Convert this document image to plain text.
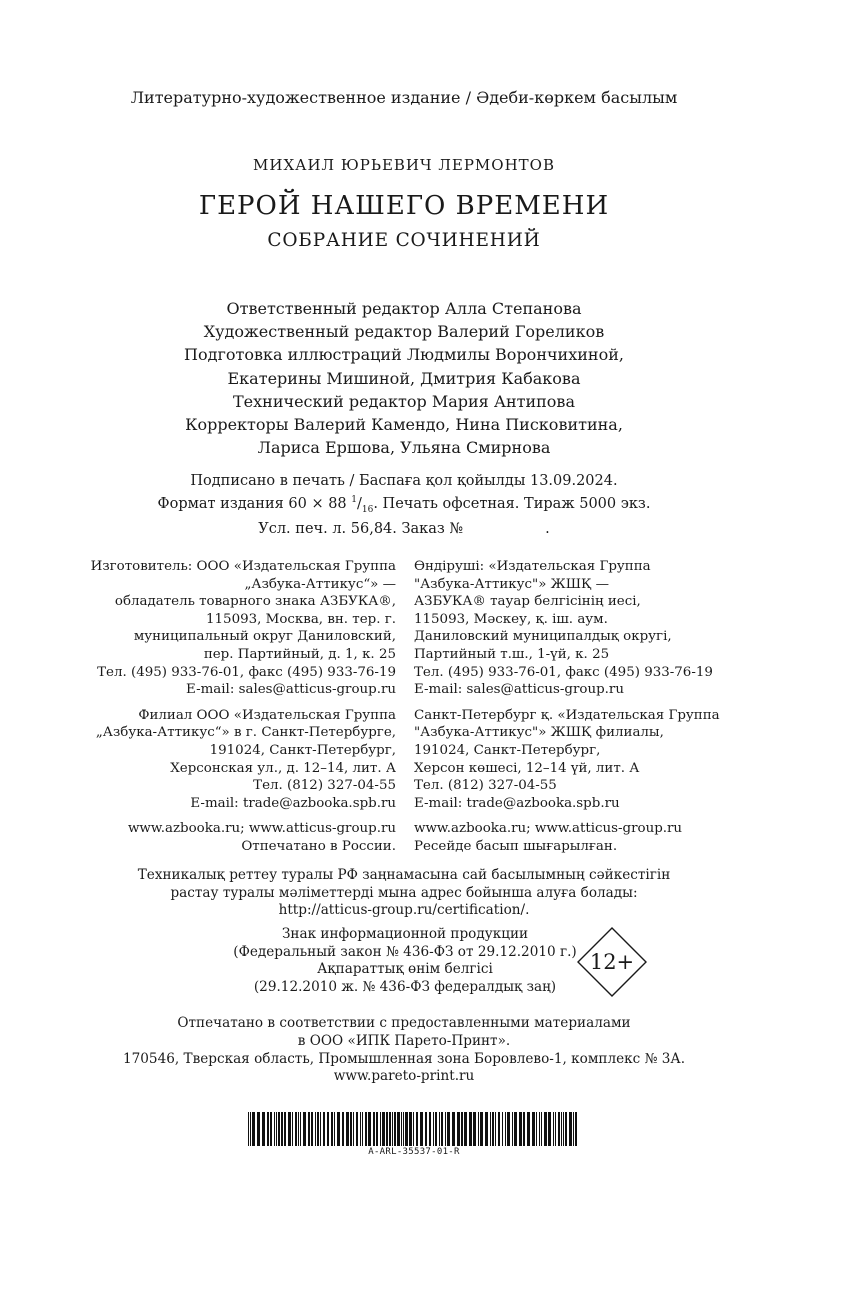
Литературно-художественное издание / Әдеби-көркем басылым
МИХАИЛ ЮРЬЕВИЧ ЛЕРМОНТОВ
ГЕРОЙ НАШЕГО ВРЕМЕНИ
СОБРАНИЕ СОЧИНЕНИЙ
Ответственный редактор Алла Степанова
Художественный редактор Валерий Гореликов
Подготовка иллюстраций Людмилы Ворончихиной,
Екатерины Мишиной, Дмитрия Кабакова
Технический редактор Мария Антипова
Корректоры Валерий Камендо, Нина Писковитина,
Лариса Ершова, Ульяна Смирнова
Подписано в печать / Баспаға қол қойылды 13.09.2024.
Формат издания 60 × 88 $^1/_{16}$. Печать офсетная. Тираж 5000 экз.
Усл. печ. л. 56,84. Заказ №	.
Изготовитель: ООО «Издательская Группа
„Азбука-Аттикус“» —
обладатель товарного знака АЗБУКА®,
115093, Москва, вн. тер. г.
муниципальный округ Даниловский,
пер. Партийный, д. 1, к. 25
Тел. (495) 933-76-01, факс (495) 933-76-19
E-mail: sales@atticus-group.ru
Филиал ООО «Издательская Группа
„Азбука-Аттикус“» в г. Санкт-Петербурге,
191024, Санкт-Петербург,
Херсонская ул., д. 12–14, лит. А
Тел. (812) 327-04-55
E-mail: trade@azbooka.spb.ru
www.azbooka.ru; www.atticus-group.ru
Отпечатано в России.
Өндіруші: «Издательская Группа
"Азбука-Аттикус"» ЖШҚ —
АЗБУКА® тауар белгісінің иесі,
115093, Мәскеу, қ. іш. аум.
Даниловский муниципалдық округі,
Партийный т.ш., 1-үй, к. 25
Тел. (495) 933-76-01, факс (495) 933-76-19
E-mail: sales@atticus-group.ru
Санкт-Петербург қ. «Издательская Группа
"Азбука-Аттикус"» ЖШҚ филиалы,
191024, Санкт-Петербург,
Херсон көшесі, 12–14 үй, лит. А
Тел. (812) 327-04-55
E-mail: trade@azbooka.spb.ru
www.azbooka.ru; www.atticus-group.ru
Ресейде басып шығарылған.
Техникалық реттеу туралы РФ заңнамасына сай басылымның сәйкестігін
растау туралы мәліметтерді мына адрес бойынша алуға болады:
http://atticus-group.ru/certification/.
Знак информационной продукции
(Федеральный закон № 436-ФЗ от 29.12.2010 г.)
Ақпараттық өнім белгісі
(29.12.2010 ж. № 436-ФЗ федералдық заң)
12+
Отпечатано в соответствии с предоставленными материалами
в ООО «ИПК Парето-Принт».
170546, Тверская область, Промышленная зона Боровлево-1, комплекс № 3А.
www.pareto-print.ru
A-ARL-35537-01-R
